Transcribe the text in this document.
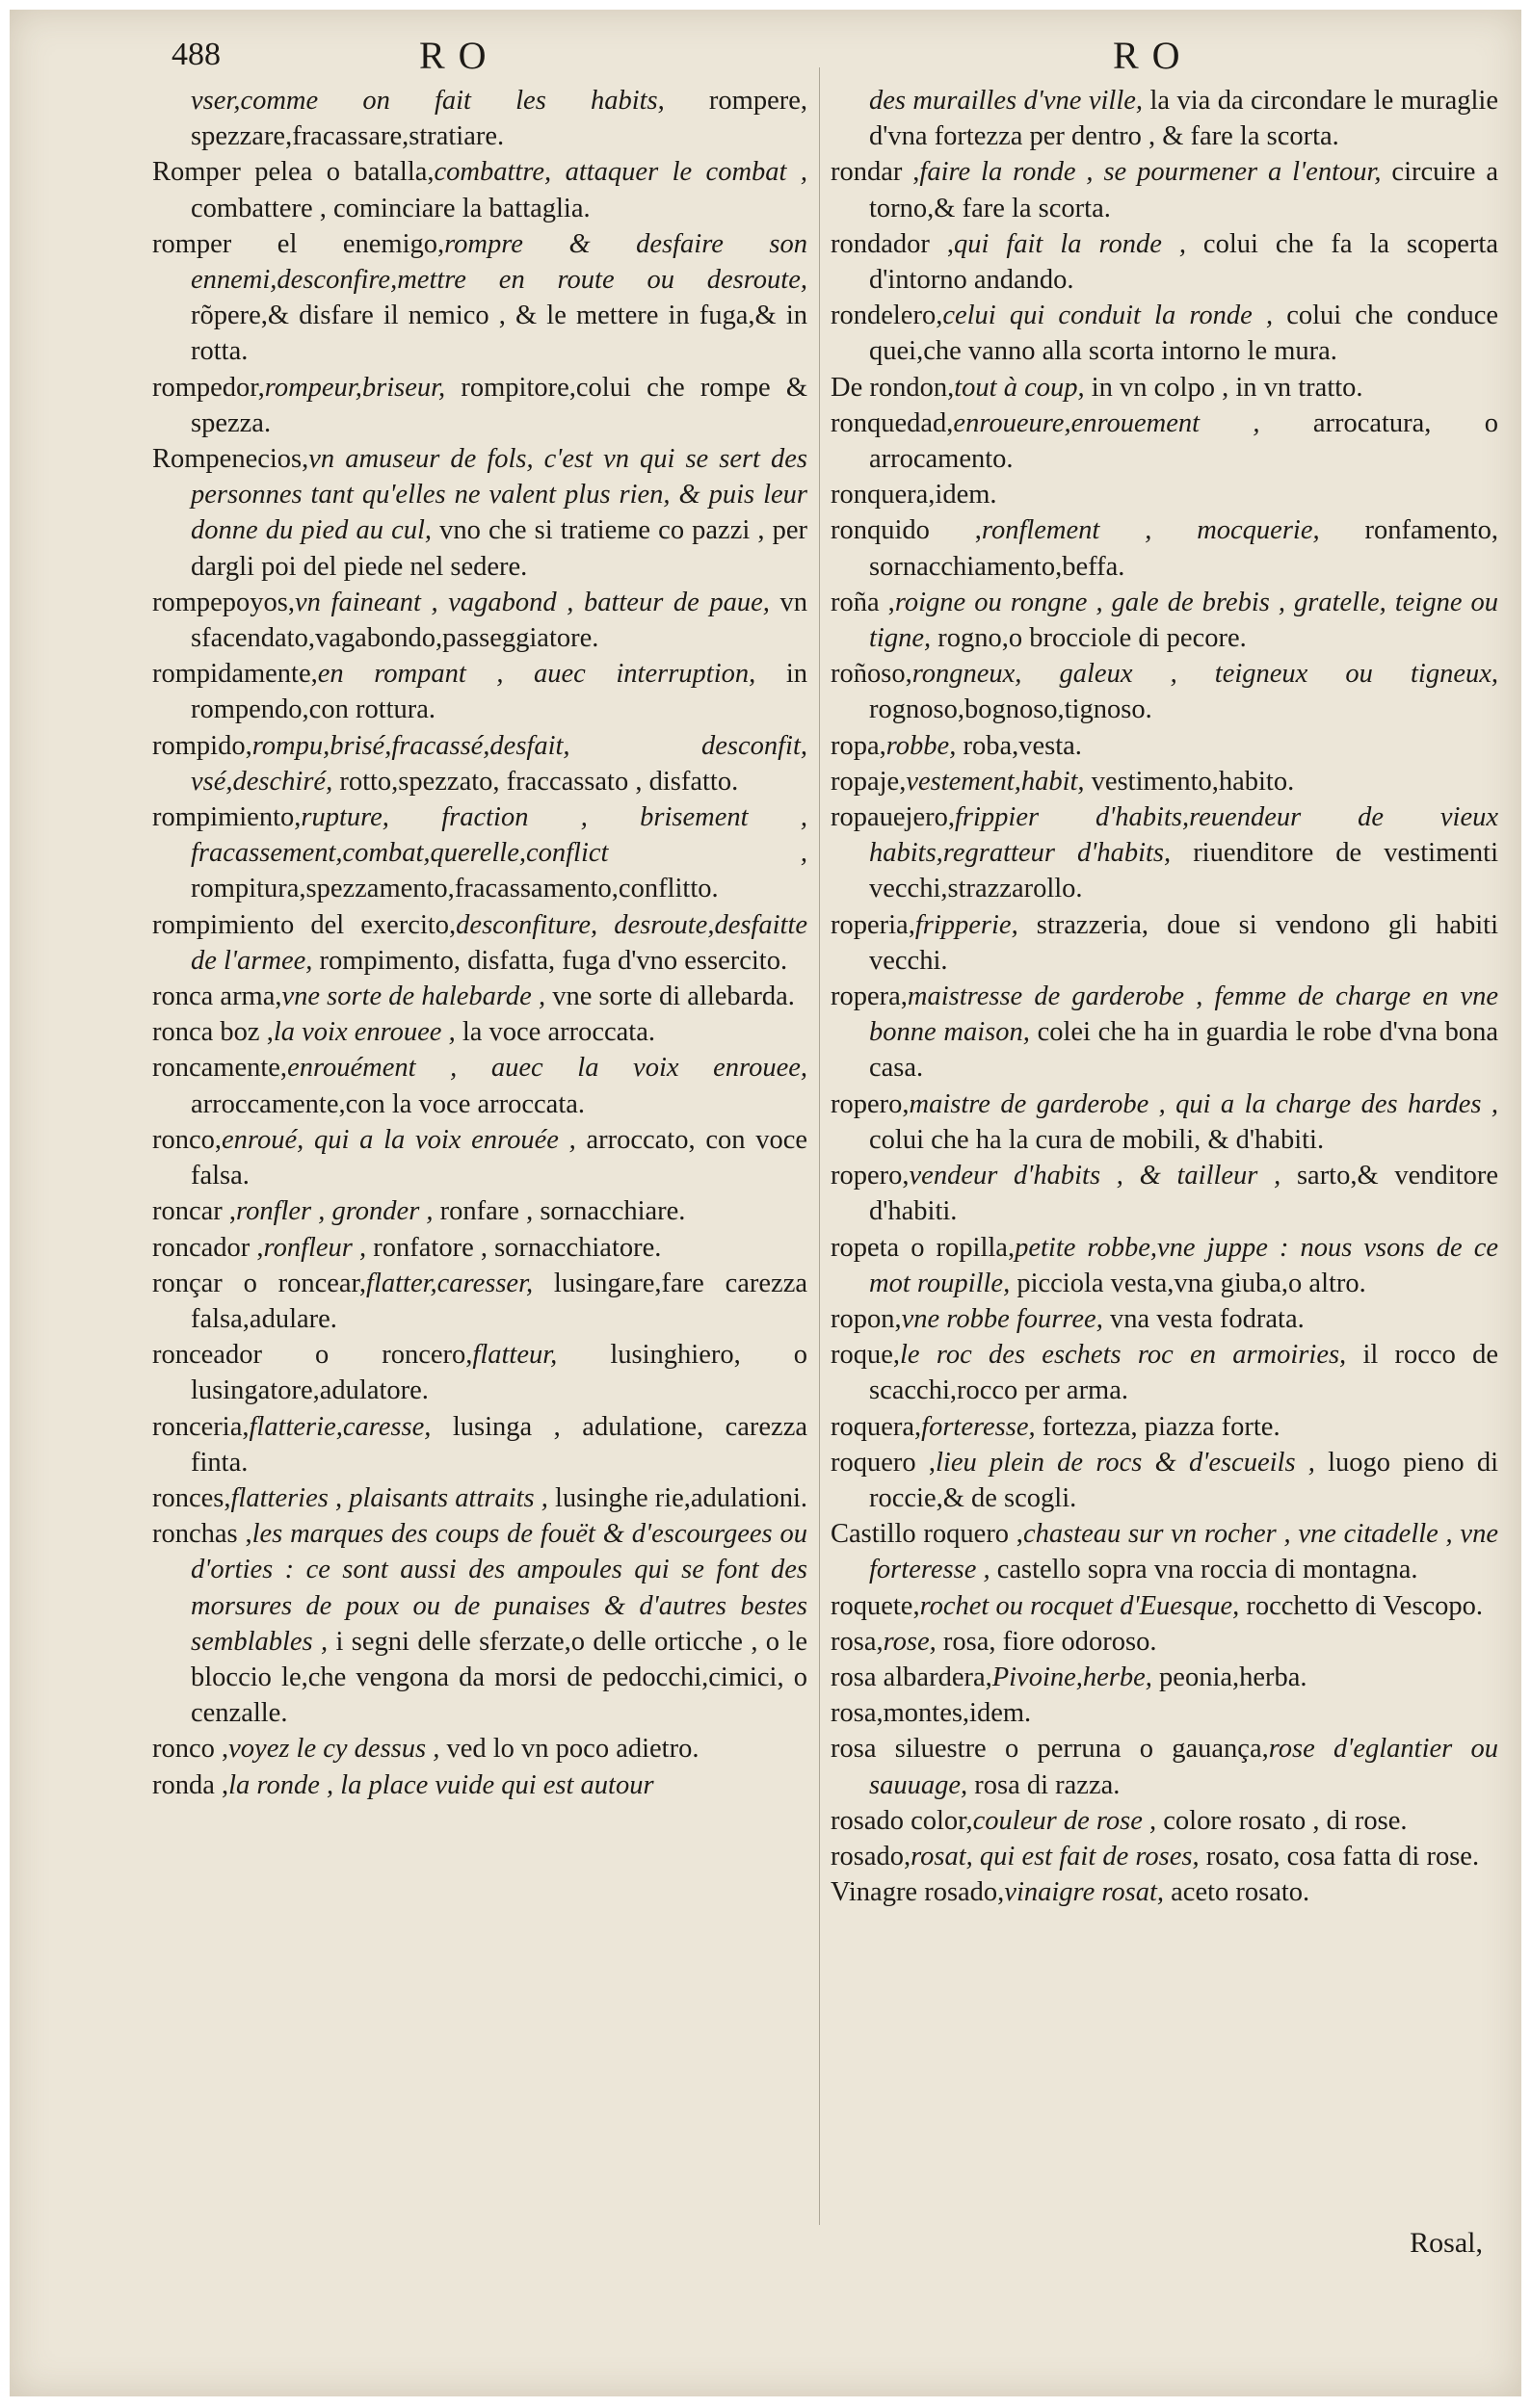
488	RO	RO
vser,comme on fait les habits, rompere, spezzare,fracassare,stratiare.
Romper pelea o batalla,combattre, attaquer le combat , combattere , cominciare la battaglia.
romper el enemigo,rompre & desfaire son ennemi,desconfire,mettre en route ou desroute, rõpere,& disfare il nemico , & le mettere in fuga,& in rotta.
rompedor,rompeur,briseur, rompitore,colui che rompe & spezza.
Rompenecios,vn amuseur de fols, c'est vn qui se sert des personnes tant qu'elles ne valent plus rien, & puis leur donne du pied au cul, vno che si tratieme co pazzi , per dargli poi del piede nel sedere.
rompepoyos,vn faineant , vagabond , batteur de paue, vn sfacendato,vagabondo,passeggiatore.
rompidamente,en rompant , auec interruption, in rompendo,con rottura.
rompido,rompu,brisé,fracassé,desfait, desconfit, vsé,deschiré, rotto,spezzato, fraccassato , disfatto.
rompimiento,rupture, fraction , brisement , fracassement,combat,querelle,conflict , rompitura,spezzamento,fracassamento,conflitto.
rompimiento del exercito,desconfiture, desroute,desfaitte de l'armee, rompimento, disfatta, fuga d'vno essercito.
ronca arma,vne sorte de halebarde , vne sorte di allebarda.
ronca boz ,la voix enrouee , la voce arroccata.
roncamente,enrouément , auec la voix enrouee, arroccamente,con la voce arroccata.
ronco,enroué, qui a la voix enrouée , arroccato, con voce falsa.
roncar ,ronfler , gronder , ronfare , sornacchiare.
roncador ,ronfleur , ronfatore , sornacchiatore.
ronçar o roncear,flatter,caresser, lusingare,fare carezza falsa,adulare.
ronceador o roncero,flatteur, lusinghiero, o lusingatore,adulatore.
ronceria,flatterie,caresse, lusinga , adulatione, carezza finta.
ronces,flatteries , plaisants attraits , lusinghe rie,adulationi.
ronchas ,les marques des coups de fouët & d'escourgees ou d'orties : ce sont aussi des ampoules qui se font des morsures de poux ou de punaises & d'autres bestes semblables , i segni delle sferzate,o delle orticche , o le bloccio le,che vengona da morsi de pedocchi,cimici, o cenzalle.
ronco ,voyez le cy dessus , ved lo vn poco adietro.
ronda ,la ronde , la place vuide qui est autour
des murailles d'vne ville, la via da circondare le muraglie d'vna fortezza per dentro , & fare la scorta.
rondar ,faire la ronde , se pourmener a l'entour, circuire a torno,& fare la scorta.
rondador ,qui fait la ronde , colui che fa la scoperta d'intorno andando.
rondelero,celui qui conduit la ronde , colui che conduce quei,che vanno alla scorta intorno le mura.
De rondon,tout à coup, in vn colpo , in vn tratto.
ronquedad,enroueure,enrouement , arrocatura, o arrocamento.
ronquera,idem.
ronquido ,ronflement , mocquerie, ronfamento, sornacchiamento,beffa.
roña ,roigne ou rongne , gale de brebis , gratelle, teigne ou tigne, rogno,o brocciole di pecore.
roñoso,rongneux, galeux , teigneux ou tigneux, rognoso,bognoso,tignoso.
ropa,robbe, roba,vesta.
ropaje,vestement,habit, vestimento,habito.
ropauejero,frippier d'habits,reuendeur de vieux habits,regratteur d'habits, riuenditore de vestimenti vecchi,strazzarollo.
roperia,fripperie, strazzeria, doue si vendono gli habiti vecchi.
ropera,maistresse de garderobe , femme de charge en vne bonne maison, colei che ha in guardia le robe d'vna bona casa.
ropero,maistre de garderobe , qui a la charge des hardes , colui che ha la cura de mobili, & d'habiti.
ropero,vendeur d'habits , & tailleur , sarto,& venditore d'habiti.
ropeta o ropilla,petite robbe,vne juppe : nous vsons de ce mot roupille, picciola vesta,vna giuba,o altro.
ropon,vne robbe fourree, vna vesta fodrata.
roque,le roc des eschets roc en armoiries, il rocco de scacchi,rocco per arma.
roquera,forteresse, fortezza, piazza forte.
roquero ,lieu plein de rocs & d'escueils , luogo pieno di roccie,& de scogli.
Castillo roquero ,chasteau sur vn rocher , vne citadelle , vne forteresse , castello sopra vna roccia di montagna.
roquete,rochet ou rocquet d'Euesque, rocchetto di Vescopo.
rosa,rose, rosa, fiore odoroso.
rosa albardera,Pivoine,herbe, peonia,herba.
rosa,montes,idem.
rosa siluestre o perruna o gauança,rose d'eglantier ou sauuage, rosa di razza.
rosado color,couleur de rose , colore rosato , di rose.
rosado,rosat, qui est fait de roses, rosato, cosa fatta di rose.
Vinagre rosado,vinaigre rosat, aceto rosato.
Rosal,
